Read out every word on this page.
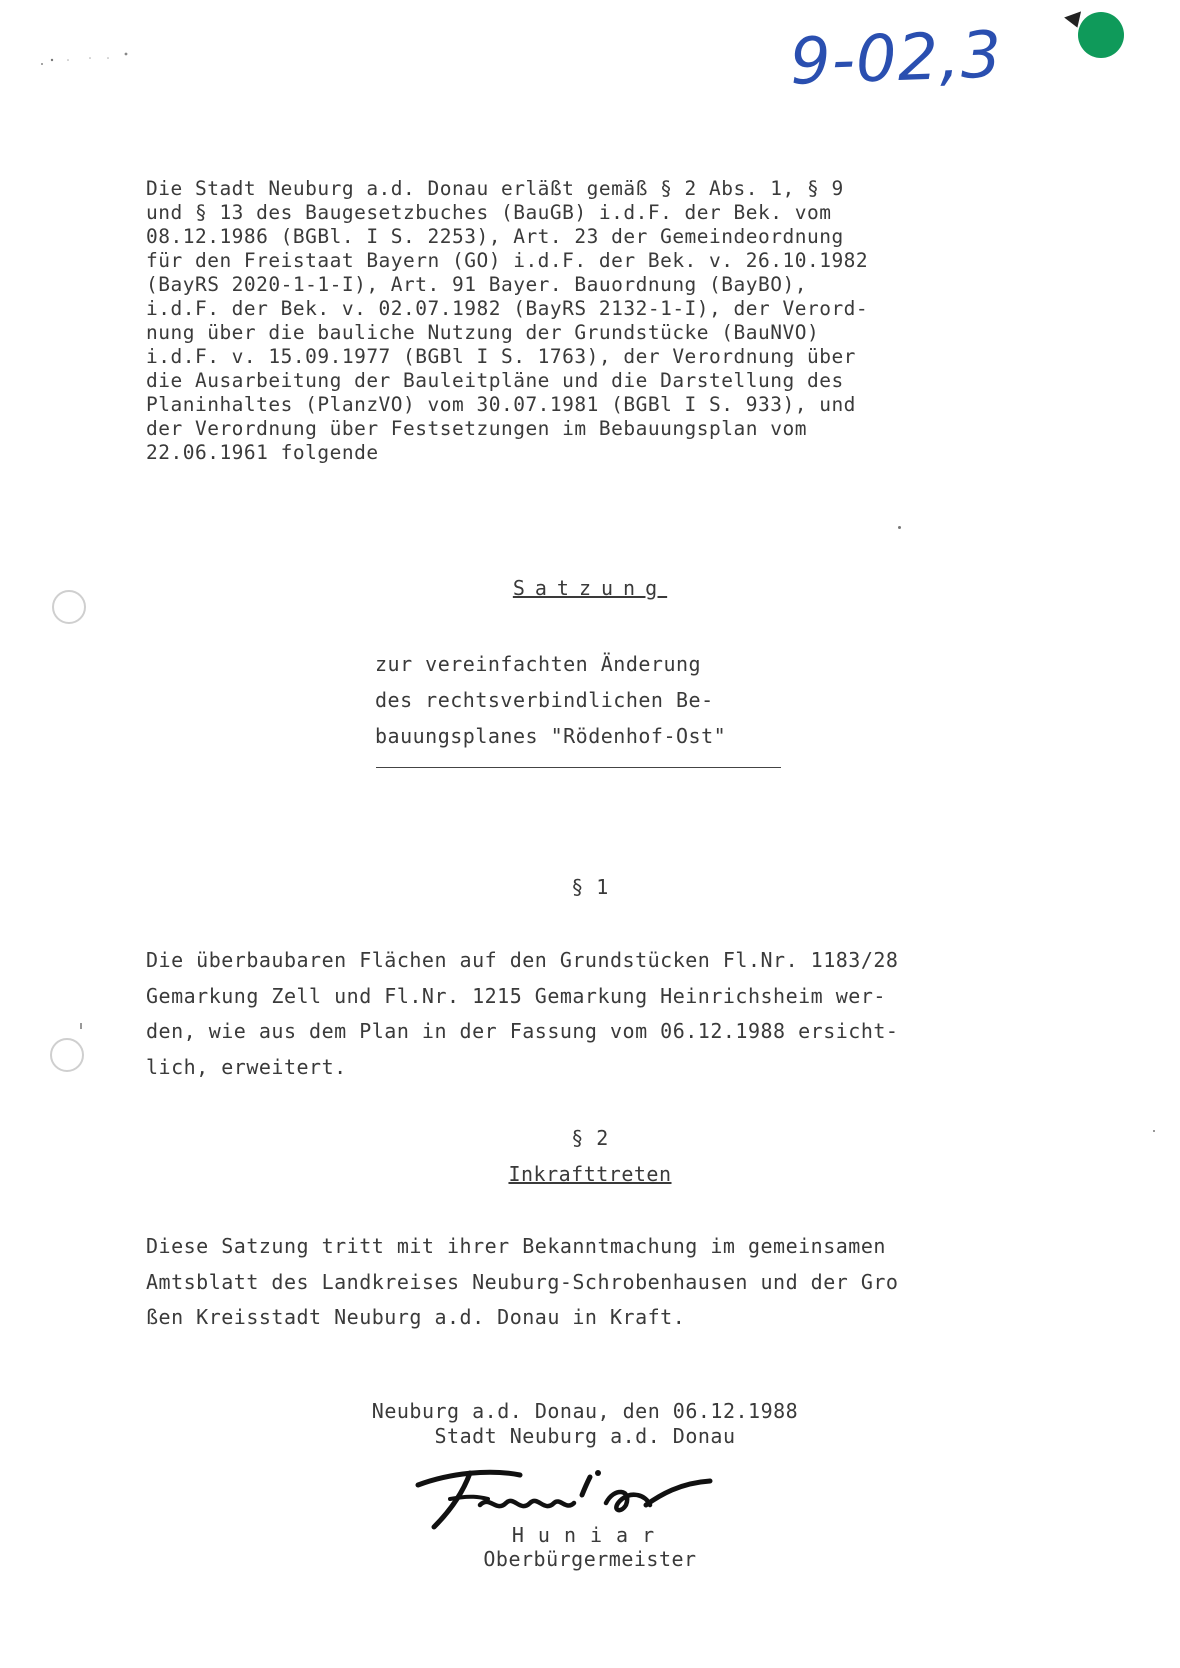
9-02,3
Die Stadt Neuburg a.d. Donau erläßt gemäß § 2 Abs. 1, § 9
und § 13 des Baugesetzbuches (BauGB) i.d.F. der Bek. vom
08.12.1986 (BGBl. I S. 2253), Art. 23 der Gemeindeordnung
für den Freistaat Bayern (GO) i.d.F. der Bek. v. 26.10.1982
(BayRS 2020-1-1-I), Art. 91 Bayer. Bauordnung (BayBO),
i.d.F. der Bek. v. 02.07.1982 (BayRS 2132-1-I), der Verord-
nung über die bauliche Nutzung der Grundstücke (BauNVO)
i.d.F. v. 15.09.1977 (BGBl I S. 1763), der Verordnung über
die Ausarbeitung der Bauleitpläne und die Darstellung des
Planinhaltes (PlanzVO) vom 30.07.1981 (BGBl I S. 933), und
der Verordnung über Festsetzungen im Bebauungsplan vom
22.06.1961 folgende
Satzung
zur vereinfachten Änderung
des rechtsverbindlichen Be-
bauungsplanes "Rödenhof-Ost"
§ 1
Die überbaubaren Flächen auf den Grundstücken Fl.Nr. 1183/28
Gemarkung Zell und Fl.Nr. 1215 Gemarkung Heinrichsheim wer-
den, wie aus dem Plan in der Fassung vom 06.12.1988 ersicht-
lich, erweitert.
§ 2
Inkrafttreten
Diese Satzung tritt mit ihrer Bekanntmachung im gemeinsamen
Amtsblatt des Landkreises Neuburg-Schrobenhausen und der Gro
ßen Kreisstadt Neuburg a.d. Donau in Kraft.
Neuburg a.d. Donau, den 06.12.1988
Stadt Neuburg a.d. Donau
Huniar
Oberbürgermeister
